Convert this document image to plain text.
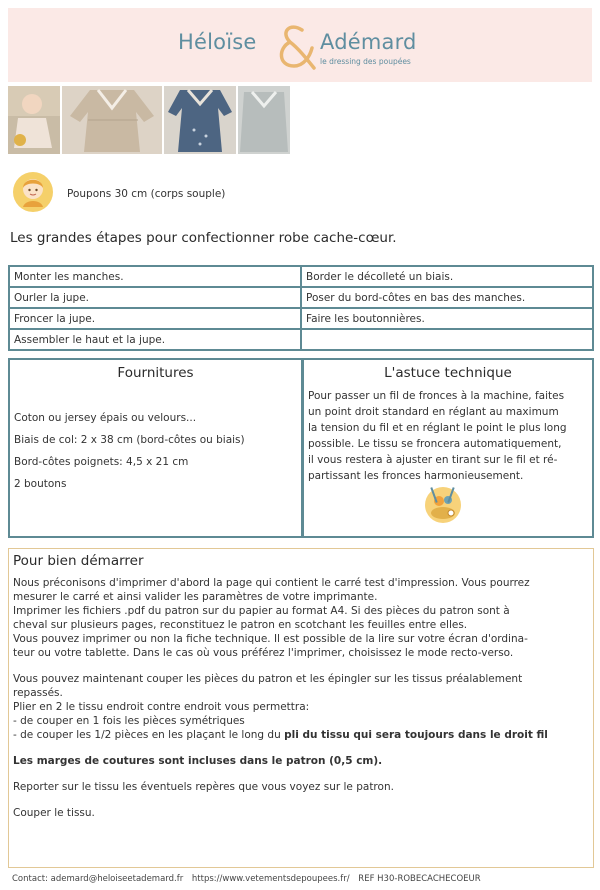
Héloïse	Adémard
le dressing des poupées
Poupons 30 cm (corps souple)
Les grandes étapes pour confectionner robe cache-cœur.
Monter les manches.	Border le décolleté un biais.
Ourler la jupe.	Poser du bord-côtes en bas des manches.
Froncer la jupe.	Faire les boutonnières.
Assembler le haut et la jupe.	
Fournitures
Coton ou jersey épais ou velours...
Biais de col: 2 x 38 cm (bord-côtes ou biais)
Bord-côtes poignets: 4,5 x 21 cm
2 boutons
L'astuce technique
Pour passer un fil de fronces à la machine, faites
un point droit standard en réglant au maximum
la tension du fil et en réglant le point le plus long
possible. Le tissu se froncera automatiquement,
il vous restera à ajuster en tirant sur le fil et ré-
partissant les fronces harmonieusement.
Pour bien démarrer

Nous préconisons d'imprimer d'abord la page qui contient le carré test d'impression. Vous pourrez

mesurer le carré et ainsi valider les paramètres de votre imprimante.

Imprimer les fichiers .pdf du patron sur du papier au format A4. Si des pièces du patron sont à

cheval sur plusieurs pages, reconstituez le patron en scotchant les feuilles entre elles.

Vous pouvez imprimer ou non la fiche technique. Il est possible de la lire sur votre écran d'ordina-

teur ou votre tablette. Dans le cas où vous préférez l'imprimer, choisissez le mode recto-verso.

Vous pouvez maintenant couper les pièces du patron et les épingler sur les tissus préalablement

repassés.

Plier en 2 le tissu endroit contre endroit vous permettra:

- de couper en 1 fois les pièces symétriques

- de couper les 1/2 pièces en les plaçant le long du pli du tissu qui sera toujours dans le droit fil

Les marges de coutures sont incluses dans le patron (0,5 cm).

Reporter sur le tissu les éventuels repères que vous voyez sur le patron.

Couper le tissu.

Contact: ademard@heloiseetademard.fr https://www.vetementsdepoupees.fr/ REF H30-ROBECACHECOEUR
